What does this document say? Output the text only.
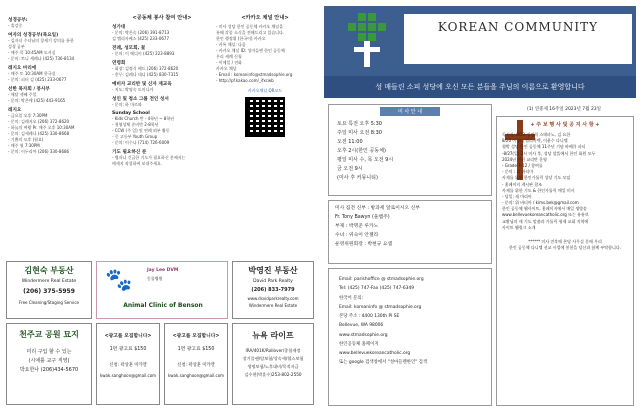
성경공부:
- 휴강중
여자의 성경공부(목요일)
- 김자녀 수녀님의 창세기 강의를 통한
성경 공부
- 매주 목 10:45AM 도서실
- 문의: 토니 세레나 (425) 736-8134
레지오 마리애
- 매주 토 10:30AM 한국실
- 문의: 피터 김 (425) 233-0677
선한 목자회 / 봉사부
- 매달 셋째 주일
- 문의: 박은애 (425) 443-9165
레지오
- 금요일 오후 7:30PM
- 문의: 김레지오 (206) 372-8620
- 하늘의 여왕 Pr. 매주 오후 10:30AM
- 문의: 김세레나 (425) 330-8668
- 기쁨의 모후 (월요)
- 매주 월 7:30PM
- 문의: 이두리아 (206) 330-8686
<공동체 봉사 참여 안내>
성가대
- 문의: 박은숙 (206) 391-8713
김 엘리자베스 (425) 233-0677
전례, 성모회, 꽃
- 문의: 이 에디이 (425) 223-8893
연령회
- 회장: 김정식 베드 (206) 372-8620
- 총무: 김레나 데니 (425) 830-7315
예비자 교리반 및 신자 재교육
- 지도: 박명숙 도미니카
성인 및 청소 그룹 전인 성서
- 문의: 하 마르따
Sunday School
- Kids Church 반 - 4학년 ~ 8학년
- 첫영성체 준비반 2-8학년
- CCW (주 일) 및 연례 외부 활동
- 중 고등부 Youth Group
- 문의: 이수나 (714) 726-6009
기도 필요하신 분
- 병자나 긴급한 기도가 필요하신 분께서는
메세지 작성하여 보내주세요.
<카카오 채널 안내>
- 미사 성당 한인 공동체 카카오 채널을
통해 각종 소식을 전해드리고 있습니다.
한인 행정위 (한국어) 카카오
- 카톡 채널: 다음
- 카카오 채널 ID: 성마들렌 한인 공동체
우리 세례 신청
- 이메일 / 전화
카카오 채널
- Email : koreaninfo@stmadsophie.org
- http://pf.kakao.com/_ifxcwb
카카오채널 QR코드
김현숙 부동산
Windermere Real Estate
(206) 375-5959
Free Cleaning/Staging Service
🐾	Jay Lee DVM
동물병원
Animal Clinic of Benson
박영진 부동산
David Park Realty
(206) 833-7979
www.dsvidparkrealty.com
Windermere Real Estate
천주교 공원 묘지
미리 구입 할 수 있는
(시애틀 교구 직영)
박요한나 (206)434-5670
<광고를 모집합니다>
1면 광고료 $150
신청: 곽상훈 미카엘
kwak.sanghoon@gmail.com
<광고를 모집합니다>
1면 광고료 $150
신청: 곽상훈 미카엘
kwak.sanghoon@gmail.com
뉴욕 라이프
IRA/401K/Rollover/종합재정
장기플랜/암보험/상속세/헬스보험
생명보험/노후대비/목적자금
김수현(박훈수)253-802-2550
KOREAN COMMUNITY
at St. Madeleine Sophie Catholic Parish
성 매들린 소피 성당에 오신 모든 분들을 주님의 이름으로 환영합니다
미 사 안 내
토요 특전 오후 5:30
주일 미사 오전 8:30
오전 11:00
오후 2시(한인 공동체)
평일 미사 수, 목 오전 9시
금 오전 9시
(미사 후 커뮤니티)
(1) 연중제 16주일 2023년 7월 23일
미사 집전 신부 : 방과세 알로이시오 신부
Fr. Tony Bawyn (울햄주)
부제 : 박명준 루카노
수녀 : 위숙이 안젤라
운영위원회장 : 박현규 요셉
Email: parishoffice @ stmadsophie.org
Tel: (425) 747-Fax (425) 747-6349
한국어 문의:
Email: koreaninfo @ stmadsophie.org
본당 주소 : 4400 130th Pl SE
Bellevue, WA 98006
www.stmadsophie.org
한인공동체 홈페이지
www.bellevuekoreancatholic.org
또는 google 검색창에서 "성마들렌한인" 검색
+ 주 보 행 사 및 공 지 사 항 +
독서자: 8/13 김정희 스테파노, 김 요한
8/20 이경미 엘리사벳, 이윤수 다니엘
협박 성당 한인 공동체 11주년 기념 바베큐 파티
-8/27(일) 2시 미사 후, 성당 앞뜰에서 한인 회원 모두
2024년 견진 교리반 운영
- Grade 7-12 / 참여를
- 문의 : 위 바티마
사제를 위한 한인가톨릭 성당 기도 모임
- 홈페이지 게시판 참조
사제를 위한 기도 & 한인가톨릭 매일 미사
- 당일: 새 마리아
- 문의: 위 바티마 / kims.bek@gmail.com
한인 공동체 웹사이트, 홈페이지에서 매일 생방송
www.bellevuekoreancatholic.org 또는 유튜브
교황님의 새 기도 말씀과 가톨릭 형제 교회 지역에
사이트 웹링크 소개
****** 미사 전후에 본당 사무실 문에 우리
한인 공동체 다니엘 선교 사업에 봉헌을 당신과 함께 부탁합니다.
